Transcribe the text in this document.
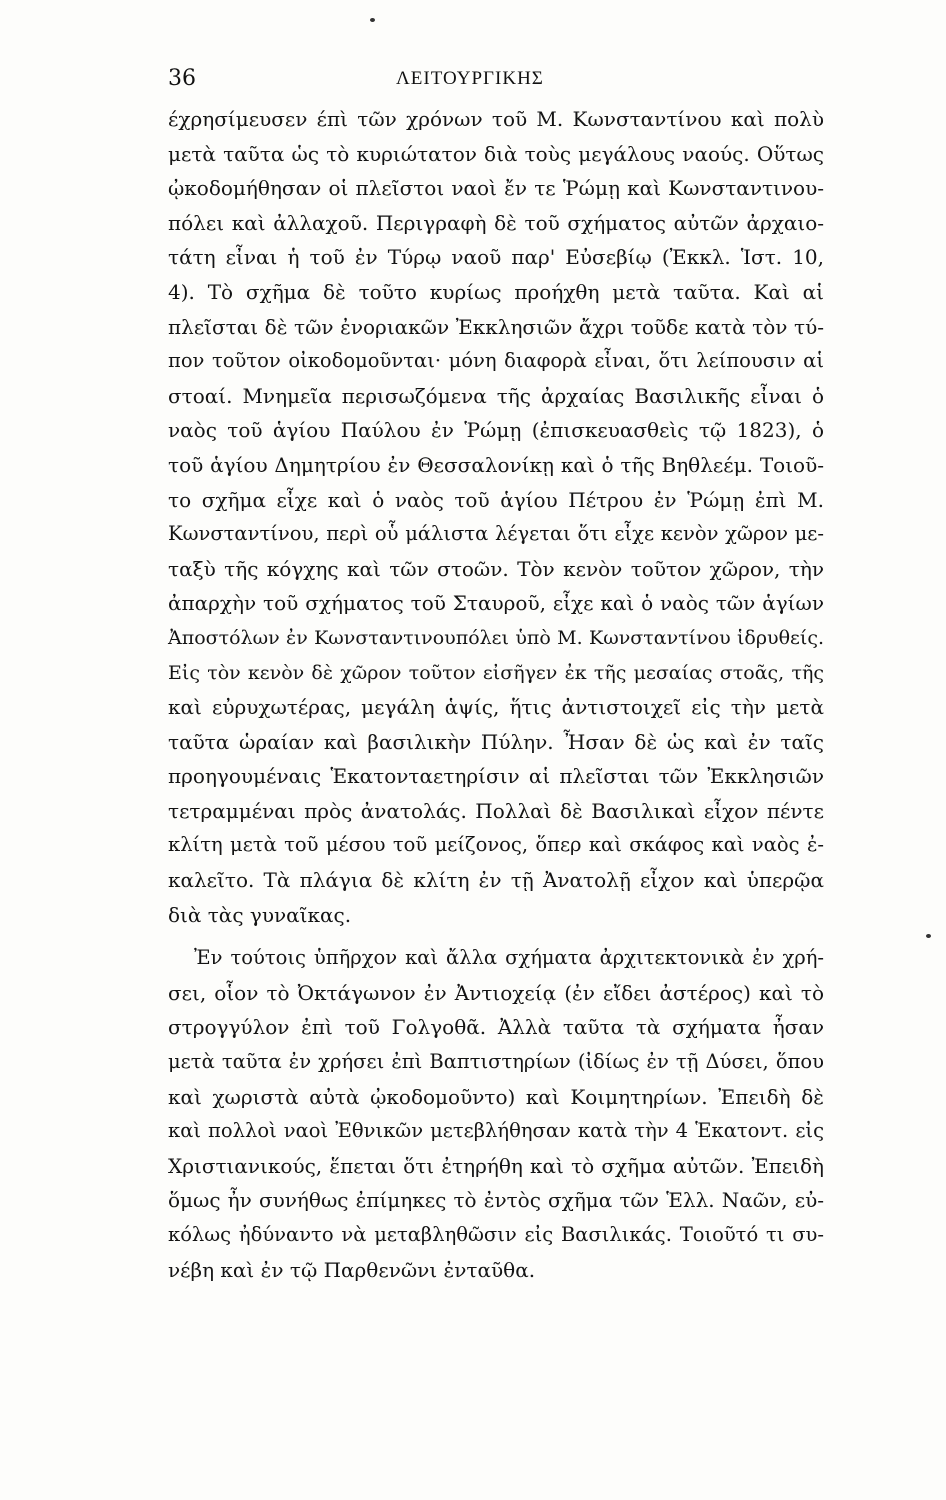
36	ΛΕΙΤΟΥΡΓΙΚΗΣ
έχρησίμευσεν έπὶ τῶν χρόνων τοῦ Μ. Κωνσταντίνου καὶ πολὺ
μετὰ ταῦτα ὡς τὸ κυριώτατον διὰ τοὺς μεγάλους ναούς. Οὕτως
ᾠκοδομήθησαν οἱ πλεῖστοι ναοὶ ἔν τε Ῥώμῃ καὶ Κωνσταντινου-
πόλει καὶ ἀλλαχοῦ. Περιγραφὴ δὲ τοῦ σχήματος αὐτῶν ἀρχαιο-
τάτη εἶναι ἡ τοῦ ἐν Τύρῳ ναοῦ παρ' Εὐσεβίῳ (Ἐκκλ. Ἱστ. 10,
4). Τὸ σχῆμα δὲ τοῦτο κυρίως προήχθη μετὰ ταῦτα. Καὶ αἱ
πλεῖσται δὲ τῶν ἐνοριακῶν Ἐκκλησιῶν ἄχρι τοῦδε κατὰ τὸν τύ-
πον τοῦτον οἰκοδομοῦνται· μόνη διαφορὰ εἶναι, ὅτι λείπουσιν αἱ
στοαί. Μνημεῖα περισωζόμενα τῆς ἀρχαίας Βασιλικῆς εἶναι ὁ
ναὸς τοῦ ἁγίου Παύλου ἐν Ῥώμῃ (ἐπισκευασθεὶς τῷ 1823), ὁ
τοῦ ἁγίου Δημητρίου ἐν Θεσσαλονίκῃ καὶ ὁ τῆς Βηθλεέμ. Τοιοῦ-
το σχῆμα εἶχε καὶ ὁ ναὸς τοῦ ἁγίου Πέτρου ἐν Ῥώμῃ ἐπὶ Μ.
Κωνσταντίνου, περὶ οὗ μάλιστα λέγεται ὅτι εἶχε κενὸν χῶρον με-
ταξὺ τῆς κόγχης καὶ τῶν στοῶν. Τὸν κενὸν τοῦτον χῶρον, τὴν
ἀπαρχὴν τοῦ σχήματος τοῦ Σταυροῦ, εἶχε καὶ ὁ ναὸς τῶν ἁγίων
Ἀποστόλων ἐν Κωνσταντινουπόλει ὑπὸ Μ. Κωνσταντίνου ἱδρυθείς.
Εἰς τὸν κενὸν δὲ χῶρον τοῦτον εἰσῆγεν ἐκ τῆς μεσαίας στοᾶς, τῆς
καὶ εὐρυχωτέρας, μεγάλη ἁψίς, ἥτις ἀντιστοιχεῖ εἰς τὴν μετὰ
ταῦτα ὡραίαν καὶ βασιλικὴν Πύλην. Ἦσαν δὲ ὡς καὶ ἐν ταῖς
προηγουμέναις Ἑκατονταετηρίσιν αἱ πλεῖσται τῶν Ἐκκλησιῶν
τετραμμέναι πρὸς ἀνατολάς. Πολλαὶ δὲ Βασιλικαὶ εἶχον πέντε
κλίτη μετὰ τοῦ μέσου τοῦ μείζονος, ὅπερ καὶ σκάφος καὶ ναὸς ἐ-
καλεῖτο. Τὰ πλάγια δὲ κλίτη ἐν τῇ Ἀνατολῇ εἶχον καὶ ὑπερῷα
διὰ τὰς γυναῖκας.
Ἐν τούτοις ὑπῆρχον καὶ ἄλλα σχήματα ἀρχιτεκτονικὰ ἐν χρή-
σει, οἷον τὸ Ὀκτάγωνον ἐν Ἀντιοχείᾳ (ἐν εἴδει ἀστέρος) καὶ τὸ
στρογγύλον ἐπὶ τοῦ Γολγοθᾶ. Ἀλλὰ ταῦτα τὰ σχήματα ἦσαν
μετὰ ταῦτα ἐν χρήσει ἐπὶ Βαπτιστηρίων (ἰδίως ἐν τῇ Δύσει, ὅπου
καὶ χωριστὰ αὐτὰ ᾠκοδομοῦντο) καὶ Κοιμητηρίων. Ἐπειδὴ δὲ
καὶ πολλοὶ ναοὶ Ἐθνικῶν μετεβλήθησαν κατὰ τὴν 4 Ἑκατοντ. εἰς
Χριστιανικούς, ἕπεται ὅτι ἐτηρήθη καὶ τὸ σχῆμα αὐτῶν. Ἐπειδὴ
ὅμως ἦν συνήθως ἐπίμηκες τὸ ἐντὸς σχῆμα τῶν Ἑλλ. Ναῶν, εὐ-
κόλως ἠδύναντο νὰ μεταβληθῶσιν εἰς Βασιλικάς. Τοιοῦτό τι συ-
νέβη καὶ ἐν τῷ Παρθενῶνι ἐνταῦθα.
